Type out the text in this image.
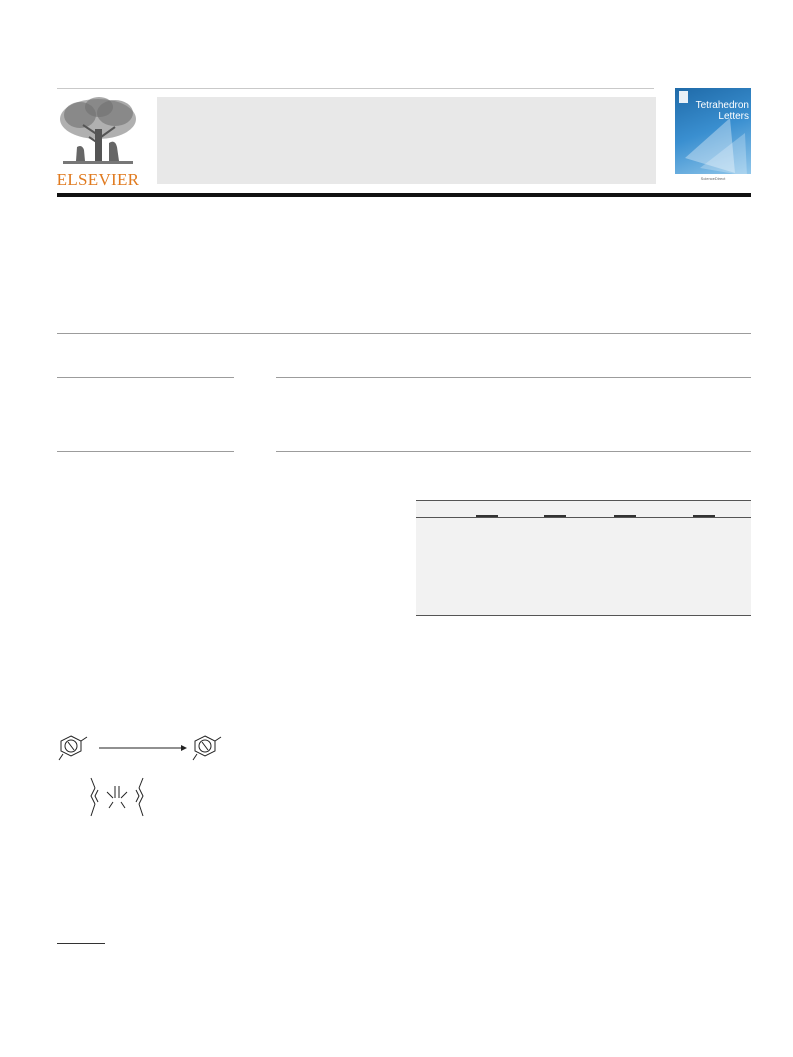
ELSEVIER
Tetrahedron
Letters
ScienceDirect
